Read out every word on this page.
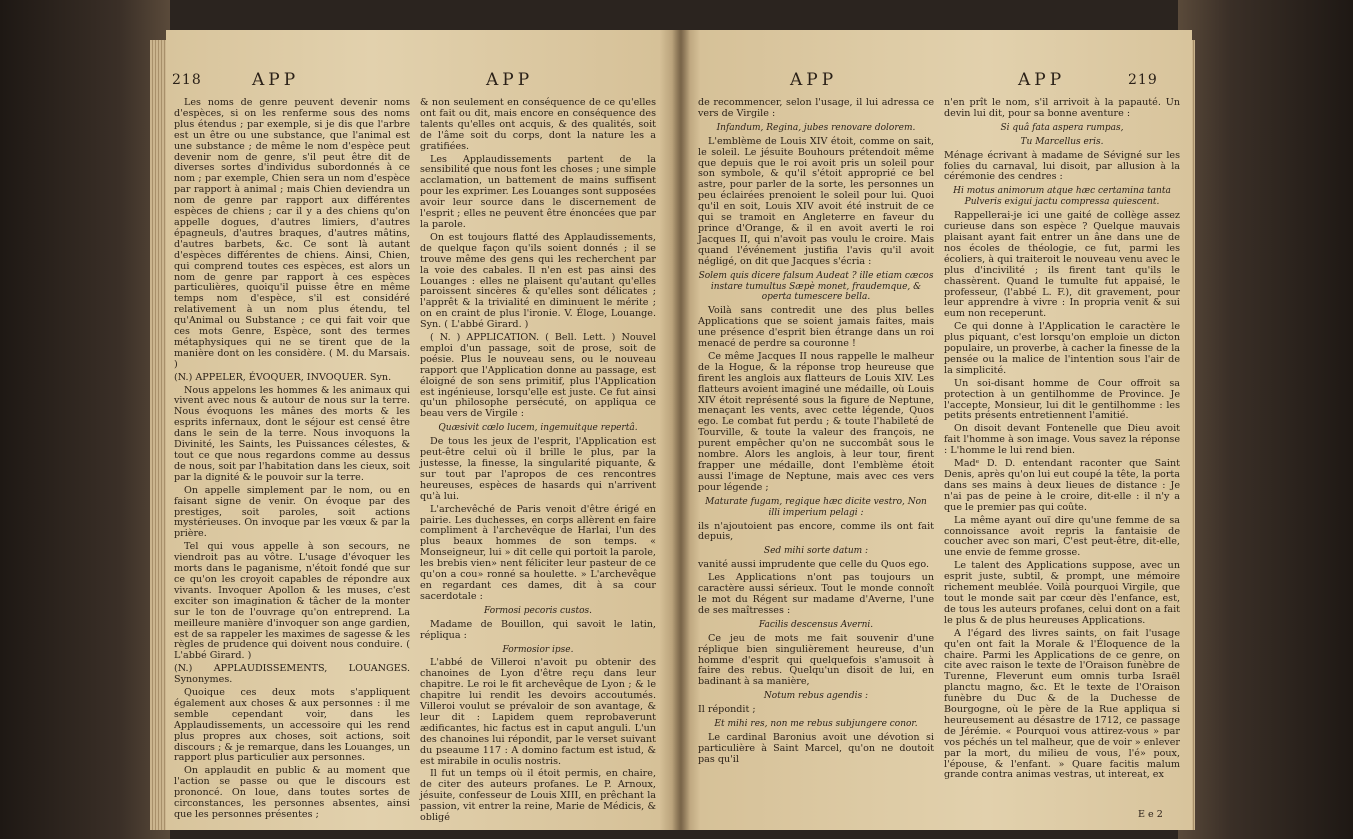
218	APP	APP

Les noms de genre peuvent devenir noms d'espèces, si on les renferme sous des noms plus étendus ; par exemple, si je dis que l'arbre est un être ou une substance, que l'animal est une substance ; de même le nom d'espèce peut devenir nom de genre, s'il peut être dit de diverses sortes d'individus subordonnés à ce nom ; par exemple, Chien sera un nom d'espèce par rapport à animal ; mais Chien deviendra un nom de genre par rapport aux différentes espèces de chiens ; car il y a des chiens qu'on appelle dogues, d'autres limiers, d'autres épagneuls, d'autres braques, d'autres mâtins, d'autres barbets, &c. Ce sont là autant d'espèces différentes de chiens. Ainsi, Chien, qui comprend toutes ces espèces, est alors un nom de genre par rapport à ces espèces particulières, quoiqu'il puisse être en même temps nom d'espèce, s'il est considéré relativement à un nom plus étendu, tel qu'Animal ou Substance ; ce qui fait voir que ces mots Genre, Espèce, sont des termes métaphysiques qui ne se tirent que de la manière dont on les considère. ( M. du Marsais. )

(N.) APPELER, ÉVOQUER, INVOQUER. Syn.

Nous appelons les hommes & les animaux qui vivent avec nous & autour de nous sur la terre. Nous évoquons les mânes des morts & les esprits infernaux, dont le séjour est censé être dans le sein de la terre. Nous invoquons la Divinité, les Saints, les Puissances célestes, & tout ce que nous regardons comme au dessus de nous, soit par l'habitation dans les cieux, soit par la dignité & le pouvoir sur la terre.

On appelle simplement par le nom, ou en faisant signe de venir. On évoque par des prestiges, soit paroles, soit actions mystérieuses. On invoque par les vœux & par la prière.

Tel qui vous appelle à son secours, ne viendroit pas au vôtre. L'usage d'évoquer les morts dans le paganisme, n'étoit fondé que sur ce qu'on les croyoit capables de répondre aux vivants. Invoquer Apollon & les muses, c'est exciter son imagination & tâcher de la monter sur le ton de l'ouvrage qu'on entreprend. La meilleure manière d'invoquer son ange gardien, est de sa rappeler les maximes de sagesse & les règles de prudence qui doivent nous conduire. ( L'abbé Girard. )

(N.) APPLAUDISSEMENTS, LOUANGES. Synonymes.

Quoique ces deux mots s'appliquent également aux choses & aux personnes : il me semble cependant voir, dans les Applaudissements, un accessoire qui les rend plus propres aux choses, soit actions, soit discours ; & je remarque, dans les Louanges, un rapport plus particulier aux personnes.

On applaudit en public & au moment que l'action se passe ou que le discours est prononcé. On loue, dans toutes sortes de circonstances, les personnes absentes, ainsi que les personnes présentes ;

& non seulement en conséquence de ce qu'elles ont fait ou dit, mais encore en conséquence des talents qu'elles ont acquis, & des qualités, soit de l'âme soit du corps, dont la nature les a gratifiées.

Les Applaudissements partent de la sensibilité que nous font les choses ; une simple acclamation, un battement de mains suffisent pour les exprimer. Les Louanges sont supposées avoir leur source dans le discernement de l'esprit ; elles ne peuvent être énoncées que par la parole.

On est toujours flatté des Applaudissements, de quelque façon qu'ils soient donnés ; il se trouve même des gens qui les recherchent par la voie des cabales. Il n'en est pas ainsi des Louanges : elles ne plaisent qu'autant qu'elles paroissent sincères & qu'elles sont délicates ; l'apprêt & la trivialité en diminuent le mérite ; on en craint de plus l'ironie. V. Éloge, Louange. Syn. ( L'abbé Girard. )

( N. ) APPLICATION. ( Bell. Lett. ) Nouvel emploi d'un passage, soit de prose, soit de poésie. Plus le nouveau sens, ou le nouveau rapport que l'Application donne au passage, est éloigné de son sens primitif, plus l'Application est ingénieuse, lorsqu'elle est juste. Ce fut ainsi qu'un philosophe persécuté, on appliqua ce beau vers de Virgile :

Quæsivit cœlo lucem, ingemuitque repertâ.

De tous les jeux de l'esprit, l'Application est peut-être celui où il brille le plus, par la justesse, la finesse, la singularité piquante, & sur tout par l'apropos de ces rencontres heureuses, espèces de hasards qui n'arrivent qu'à lui.

L'archevêché de Paris venoit d'être érigé en pairie. Les duchesses, en corps allèrent en faire compliment à l'archevêque de Harlai, l'un des plus beaux hommes de son temps. « Monseigneur, lui » dit celle qui portoit la parole, les brebis vien» nent féliciter leur pasteur de ce qu'on a cou» ronné sa houlette. » L'archevêque en regardant ces dames, dit à sa cour sacerdotale :

Formosi pecoris custos.

Madame de Bouillon, qui savoit le latin, répliqua :

Formosior ipse.

L'abbé de Villeroi n'avoit pu obtenir des chanoines de Lyon d'être reçu dans leur chapitre. Le roi le fit archevêque de Lyon ; & le chapitre lui rendit les devoirs accoutumés. Villeroi voulut se prévaloir de son avantage, & leur dit : Lapidem quem reprobaverunt ædificantes, hic factus est in caput anguli. L'un des chanoines lui répondit, par le verset suivant du pseaume 117 : A domino factum est istud, & est mirabile in oculis nostris.

Il fut un temps où il étoit permis, en chaire, de citer des auteurs profanes. Le P. Arnoux, jésuite, confesseur de Louis XIII, en prêchant la passion, vit entrer la reine, Marie de Médicis, & obligé

APP	APP	219

de recommencer, selon l'usage, il lui adressa ce vers de Virgile :

Infandum, Regina, jubes renovare dolorem.

L'emblème de Louis XIV étoit, comme on sait, le soleil. Le jésuite Bouhours prétendoit même que depuis que le roi avoit pris un soleil pour son symbole, & qu'il s'étoit approprié ce bel astre, pour parler de la sorte, les personnes un peu éclairées prenoient le soleil pour lui. Quoi qu'il en soit, Louis XIV avoit été instruit de ce qui se tramoit en Angleterre en faveur du prince d'Orange, & il en avoit averti le roi Jacques II, qui n'avoit pas voulu le croire. Mais quand l'événement justifia l'avis qu'il avoit négligé, on dit que Jacques s'écria :

Solem quis dicere falsum Audeat ? ille etiam cæcos instare tumultus Sæpè monet, fraudemque, & operta tumescere bella.

Voilà sans contredit une des plus belles Applications que se soient jamais faites, mais une présence d'esprit bien étrange dans un roi menacé de perdre sa couronne !

Ce même Jacques II nous rappelle le malheur de la Hogue, & la réponse trop heureuse que firent les anglois aux flatteurs de Louis XIV. Les flatteurs avoient imaginé une médaille, où Louis XIV étoit représenté sous la figure de Neptune, menaçant les vents, avec cette légende, Quos ego. Le combat fut perdu ; & toute l'habileté de Tourville, & toute la valeur des françois, ne purent empêcher qu'on ne succombât sous le nombre. Alors les anglois, à leur tour, firent frapper une médaille, dont l'emblème étoit aussi l'image de Neptune, mais avec ces vers pour légende ;

Maturate fugam, regique hæc dicite vestro, Non illi imperium pelagi :

ils n'ajoutoient pas encore, comme ils ont fait depuis,

Sed mihi sorte datum :

vanité aussi imprudente que celle du Quos ego.

Les Applications n'ont pas toujours un caractère aussi sérieux. Tout le monde connoît le mot du Régent sur madame d'Averne, l'une de ses maîtresses :

Facilis descensus Averni.

Ce jeu de mots me fait souvenir d'une réplique bien singulièrement heureuse, d'un homme d'esprit qui quelquefois s'amusoit à faire des rebus. Quelqu'un disoit de lui, en badinant à sa manière,

Notum rebus agendis :

Il répondit ;

Et mihi res, non me rebus subjungere conor.

Le cardinal Baronius avoit une dévotion si particulière à Saint Marcel, qu'on ne doutoit pas qu'il

n'en prît le nom, s'il arrivoit à la papauté. Un devin lui dit, pour sa bonne aventure :

Si quâ fata aspera rumpas,

Tu Marcellus eris.

Ménage écrivant à madame de Sévigné sur les folies du carnaval, lui disoit, par allusion à la cérémonie des cendres :

Hi motus animorum atque hæc certamina tanta Pulveris exigui jactu compressa quiescent.

Rappellerai-je ici une gaité de collège assez curieuse dans son espèce ? Quelque mauvais plaisant ayant fait entrer un âne dans une de nos écoles de théologie, ce fut, parmi les écoliers, à qui traiteroit le nouveau venu avec le plus d'incivilité ; ils firent tant qu'ils le chassèrent. Quand le tumulte fut appaisé, le professeur, (l'abbé L. F.), dit gravement, pour leur apprendre à vivre : In propria venit & sui eum non receperunt.

Ce qui donne à l'Application le caractère le plus piquant, c'est lorsqu'on emploie un dicton populaire, un proverbe, à cacher la finesse de la pensée ou la malice de l'intention sous l'air de la simplicité.

Un soi-disant homme de Cour offroit sa protection à un gentilhomme de Province. Je l'accepte, Monsieur, lui dit le gentilhomme : les petits présents entretiennent l'amitié.

On disoit devant Fontenelle que Dieu avoit fait l'homme à son image. Vous savez la réponse : L'homme le lui rend bien.

Madᵉ D. D. entendant raconter que Saint Denis, après qu'on lui eut coupé la tête, la porta dans ses mains à deux lieues de distance : Je n'ai pas de peine à le croire, dit-elle : il n'y a que le premier pas qui coûte.

La même ayant ouï dire qu'une femme de sa connoissance avoit repris la fantaisie de coucher avec son mari, C'est peut-être, dit-elle, une envie de femme grosse.

Le talent des Applications suppose, avec un esprit juste, subtil, & prompt, une mémoire richement meublée. Voilà pourquoi Virgile, que tout le monde sait par cœur dès l'enfance, est, de tous les auteurs profanes, celui dont on a fait le plus & de plus heureuses Applications.

A l'égard des livres saints, on fait l'usage qu'en ont fait la Morale & l'Éloquence de la chaire. Parmi les Applications de ce genre, on cite avec raison le texte de l'Oraison funèbre de Turenne, Fleverunt eum omnis turba Israël planctu magno, &c. Et le texte de l'Oraison funèbre du Duc & de la Duchesse de Bourgogne, où le père de la Rue appliqua si heureusement au désastre de 1712, ce passage de Jérémie. « Pourquoi vous attirez-vous » par vos péchés un tel malheur, que de voir » enlever par la mort, du milieu de vous, l'é» poux, l'épouse, & l'enfant. » Quare facitis malum grande contra animas vestras, ut intereat, ex

E e 2
